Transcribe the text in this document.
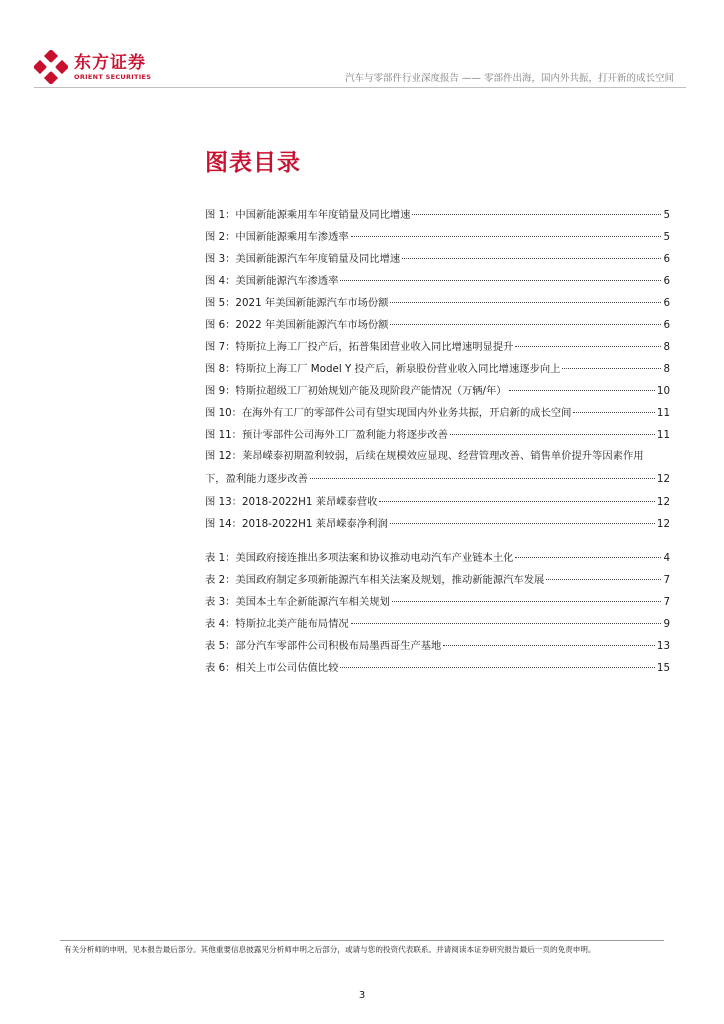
东方证券
ORIENT SECURITIES	汽车与零部件行业深度报告 —— 零部件出海，国内外共振，打开新的成长空间
图表目录
图 1：中国新能源乘用车年度销量及同比增速	5
图 2：中国新能源乘用车渗透率	5
图 3：美国新能源汽车年度销量及同比增速	6
图 4：美国新能源汽车渗透率	6
图 5：2021 年美国新能源汽车市场份额	6
图 6：2022 年美国新能源汽车市场份额	6
图 7：特斯拉上海工厂投产后，拓普集团营业收入同比增速明显提升	8
图 8：特斯拉上海工厂 Model Y 投产后，新泉股份营业收入同比增速逐步向上	8
图 9：特斯拉超级工厂初始规划产能及现阶段产能情况（万辆/年）	10
图 10：在海外有工厂的零部件公司有望实现国内外业务共振，开启新的成长空间	11
图 11：预计零部件公司海外工厂盈利能力将逐步改善	11
图 12：莱昂嵘泰初期盈利较弱，后续在规模效应显现、经营管理改善、销售单价提升等因素作用
下，盈利能力逐步改善	12
图 13：2018-2022H1 莱昂嵘泰营收	12
图 14：2018-2022H1 莱昂嵘泰净利润	12
表 1：美国政府接连推出多项法案和协议推动电动汽车产业链本土化	4
表 2：美国政府制定多项新能源汽车相关法案及规划，推动新能源汽车发展	7
表 3：美国本土车企新能源汽车相关规划	7
表 4：特斯拉北美产能布局情况	9
表 5：部分汽车零部件公司积极布局墨西哥生产基地	13
表 6：相关上市公司估值比较	15
有关分析师的申明，见本报告最后部分。其他重要信息披露见分析师申明之后部分，或请与您的投资代表联系。并请阅读本证券研究报告最后一页的免责申明。
3
